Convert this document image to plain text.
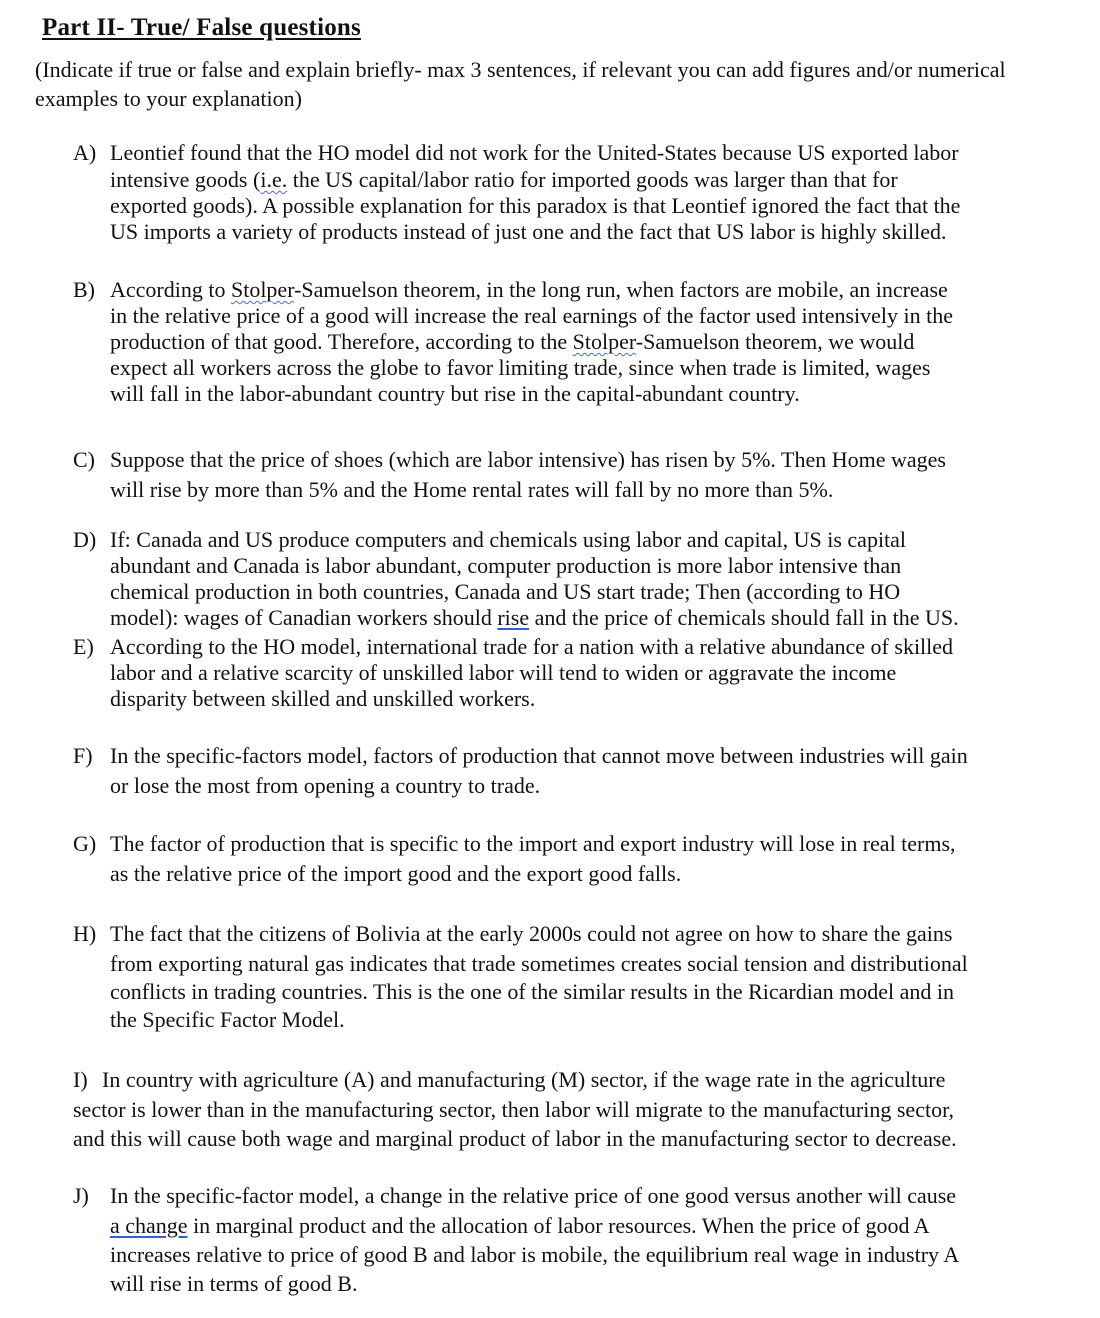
Part II- True/ False questions
(Indicate if true or false and explain briefly- max 3 sentences, if relevant you can add figures and/or numerical examples to your explanation)
A) Leontief found that the HO model did not work for the United-States because US exported labor
intensive goods (i.e. the US capital/labor ratio for imported goods was larger than that for
exported goods). A possible explanation for this paradox is that Leontief ignored the fact that the
US imports a variety of products instead of just one and the fact that US labor is highly skilled.
B) According to Stolper-Samuelson theorem, in the long run, when factors are mobile, an increase
in the relative price of a good will increase the real earnings of the factor used intensively in the
production of that good. Therefore, according to the Stolper-Samuelson theorem, we would
expect all workers across the globe to favor limiting trade, since when trade is limited, wages
will fall in the labor-abundant country but rise in the capital-abundant country.
C) Suppose that the price of shoes (which are labor intensive) has risen by 5%. Then Home wages
will rise by more than 5% and the Home rental rates will fall by no more than 5%.
D) If: Canada and US produce computers and chemicals using labor and capital, US is capital
abundant and Canada is labor abundant, computer production is more labor intensive than
chemical production in both countries, Canada and US start trade; Then (according to HO
model): wages of Canadian workers should rise and the price of chemicals should fall in the US.
E) According to the HO model, international trade for a nation with a relative abundance of skilled
labor and a relative scarcity of unskilled labor will tend to widen or aggravate the income
disparity between skilled and unskilled workers.
F) In the specific-factors model, factors of production that cannot move between industries will gain
or lose the most from opening a country to trade.
G) The factor of production that is specific to the import and export industry will lose in real terms,
as the relative price of the import good and the export good falls.
H) The fact that the citizens of Bolivia at the early 2000s could not agree on how to share the gains
from exporting natural gas indicates that trade sometimes creates social tension and distributional
conflicts in trading countries. This is the one of the similar results in the Ricardian model and in
the Specific Factor Model.
I) In country with agriculture (A) and manufacturing (M) sector, if the wage rate in the agriculture
sector is lower than in the manufacturing sector, then labor will migrate to the manufacturing sector,
and this will cause both wage and marginal product of labor in the manufacturing sector to decrease.
J) In the specific-factor model, a change in the relative price of one good versus another will cause
a change in marginal product and the allocation of labor resources. When the price of good A
increases relative to price of good B and labor is mobile, the equilibrium real wage in industry A
will rise in terms of good B.
